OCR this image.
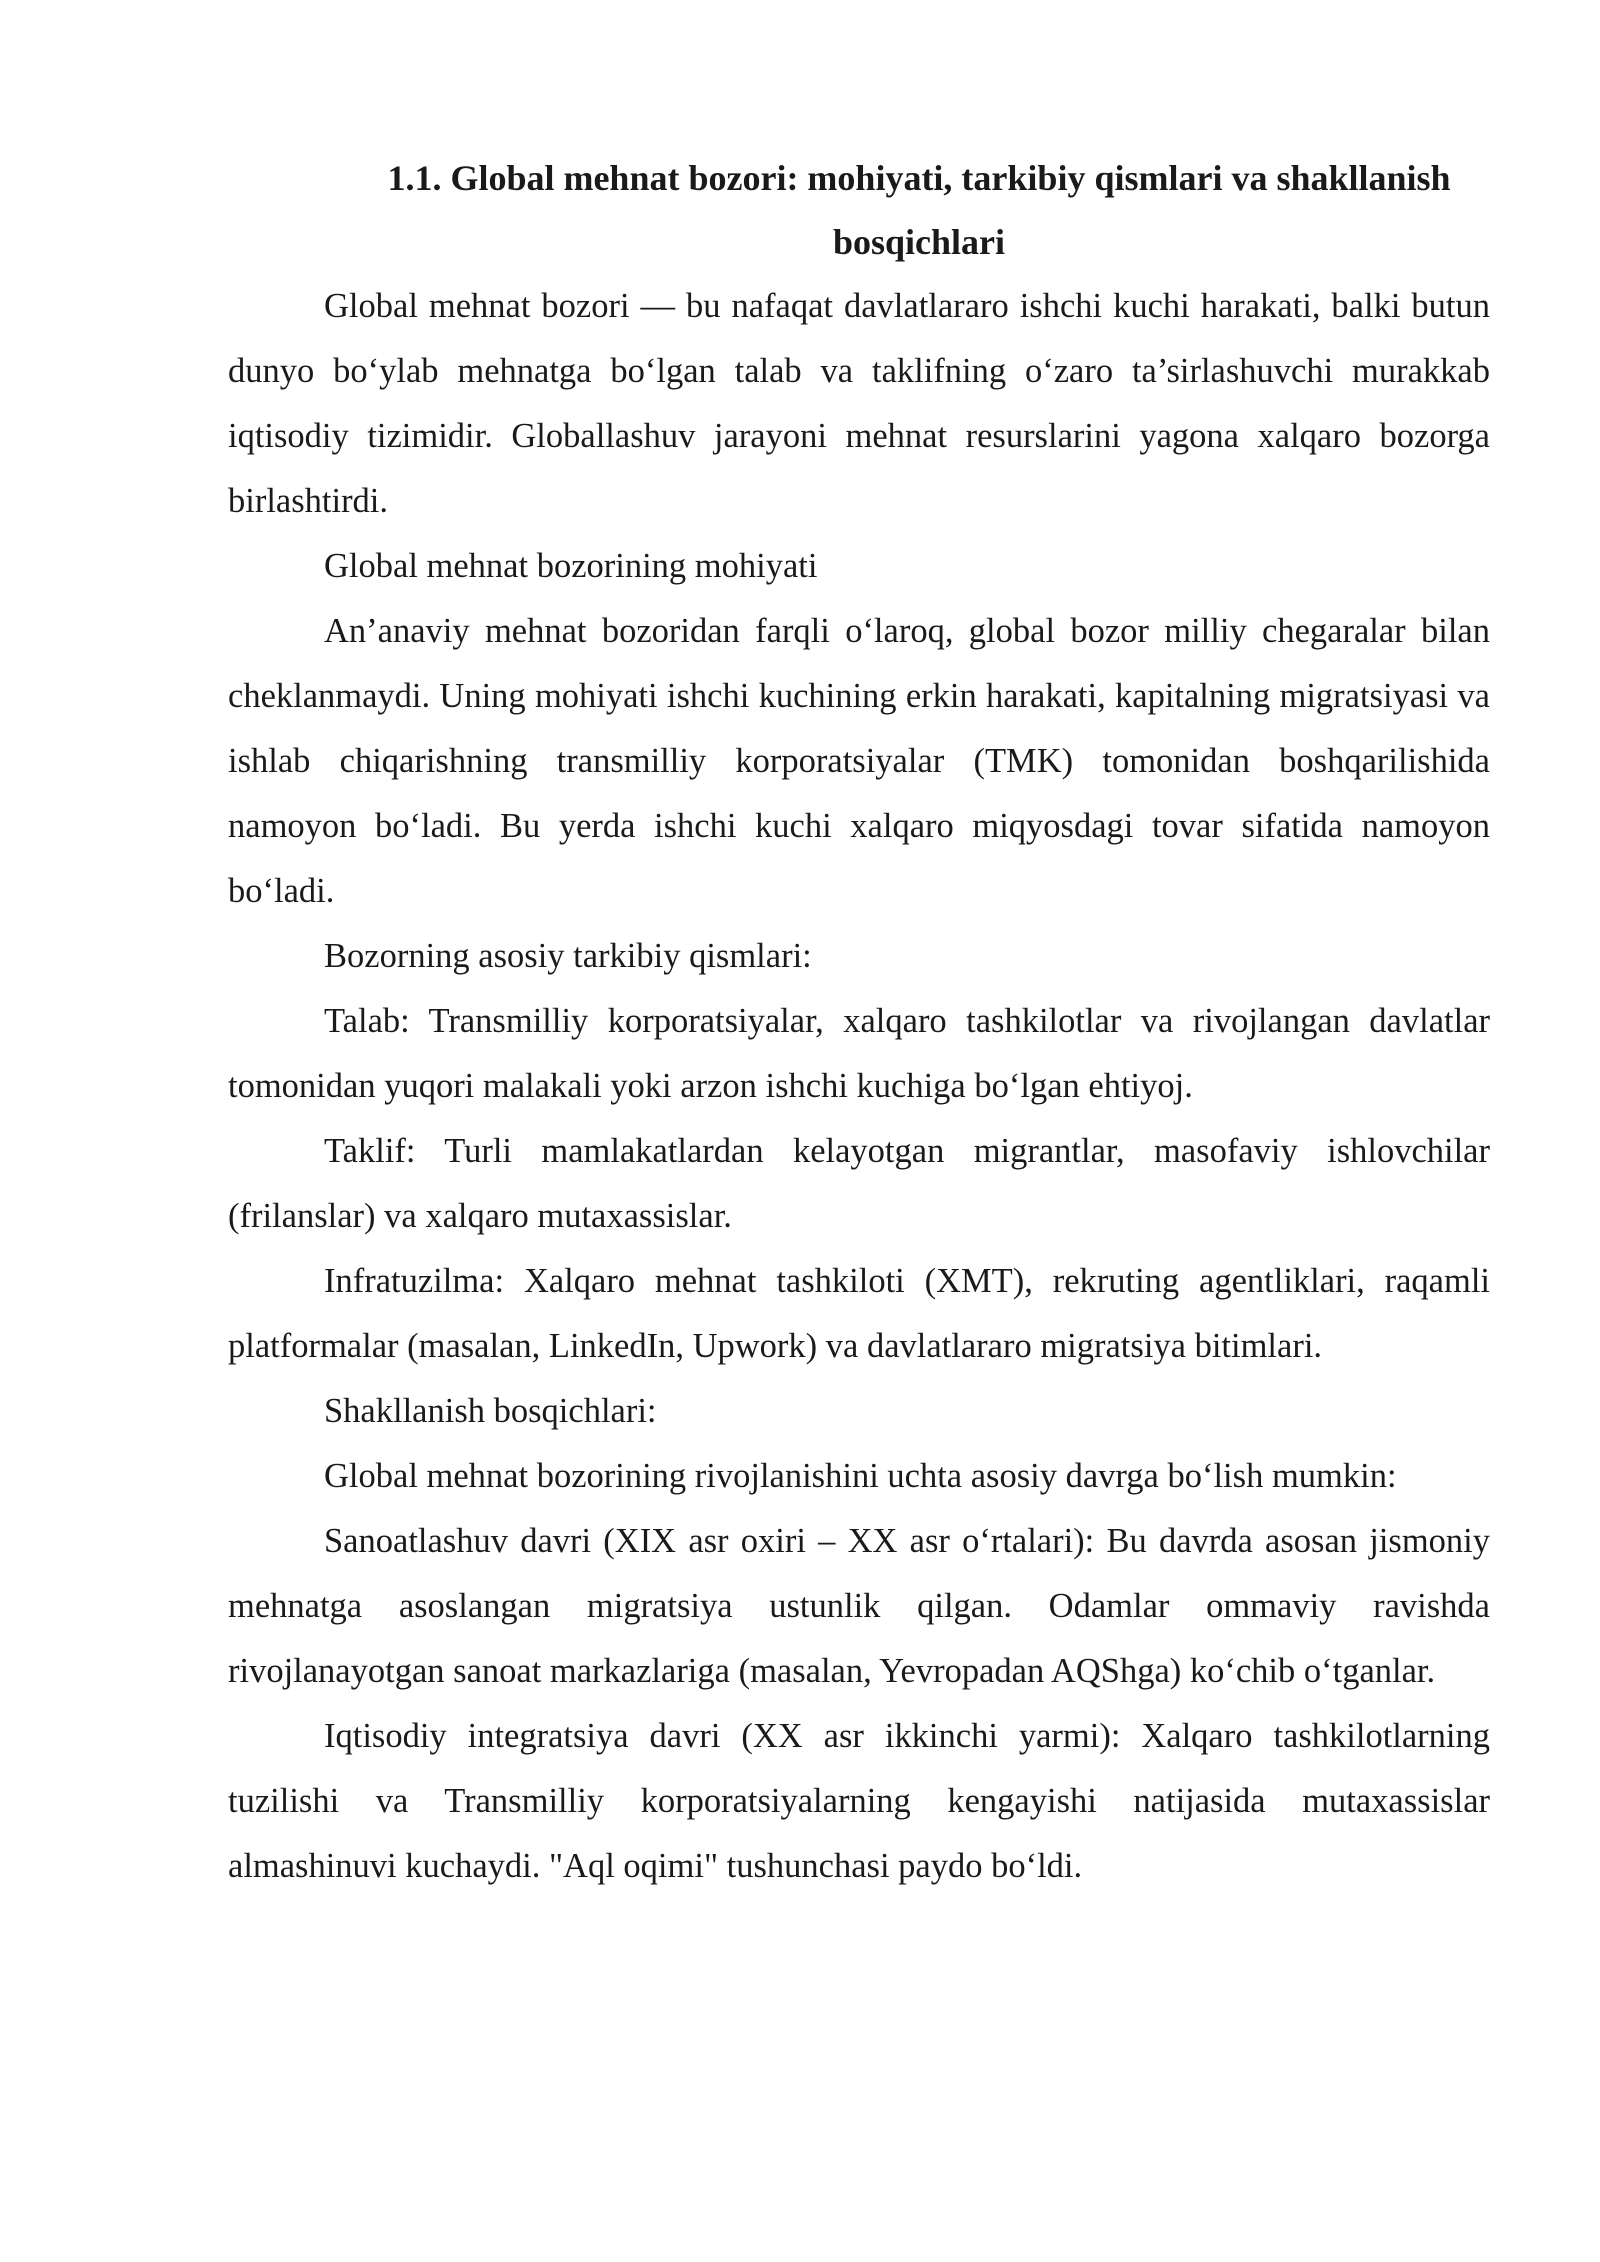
1.1. Global mehnat bozori: mohiyati, tarkibiy qismlari va shakllanish bosqichlari

Global mehnat bozori — bu nafaqat davlatlararo ishchi kuchi harakati, balki butun dunyo bo‘ylab mehnatga bo‘lgan talab va taklifning o‘zaro ta’sirlashuvchi murakkab iqtisodiy tizimidir. Globallashuv jarayoni mehnat resurslarini yagona xalqaro bozorga birlashtirdi.

Global mehnat bozorining mohiyati

An’anaviy mehnat bozoridan farqli o‘laroq, global bozor milliy chegaralar bilan cheklanmaydi. Uning mohiyati ishchi kuchining erkin harakati, kapitalning migratsiyasi va ishlab chiqarishning transmilliy korporatsiyalar (TMK) tomonidan boshqarilishida namoyon bo‘ladi. Bu yerda ishchi kuchi xalqaro miqyosdagi tovar sifatida namoyon bo‘ladi.

Bozorning asosiy tarkibiy qismlari:

Talab: Transmilliy korporatsiyalar, xalqaro tashkilotlar va rivojlangan davlatlar tomonidan yuqori malakali yoki arzon ishchi kuchiga bo‘lgan ehtiyoj.

Taklif: Turli mamlakatlardan kelayotgan migrantlar, masofaviy ishlovchilar (frilanslar) va xalqaro mutaxassislar.

Infratuzilma: Xalqaro mehnat tashkiloti (XMT), rekruting agentliklari, raqamli platformalar (masalan, LinkedIn, Upwork) va davlatlararo migratsiya bitimlari.

Shakllanish bosqichlari:

Global mehnat bozorining rivojlanishini uchta asosiy davrga bo‘lish mumkin:

Sanoatlashuv davri (XIX asr oxiri – XX asr o‘rtalari): Bu davrda asosan jismoniy mehnatga asoslangan migratsiya ustunlik qilgan. Odamlar ommaviy ravishda rivojlanayotgan sanoat markazlariga (masalan, Yevropadan AQShga) ko‘chib o‘tganlar.

Iqtisodiy integratsiya davri (XX asr ikkinchi yarmi): Xalqaro tashkilotlarning tuzilishi va Transmilliy korporatsiyalarning kengayishi natijasida mutaxassislar almashinuvi kuchaydi. "Aql oqimi" tushunchasi paydo bo‘ldi.
